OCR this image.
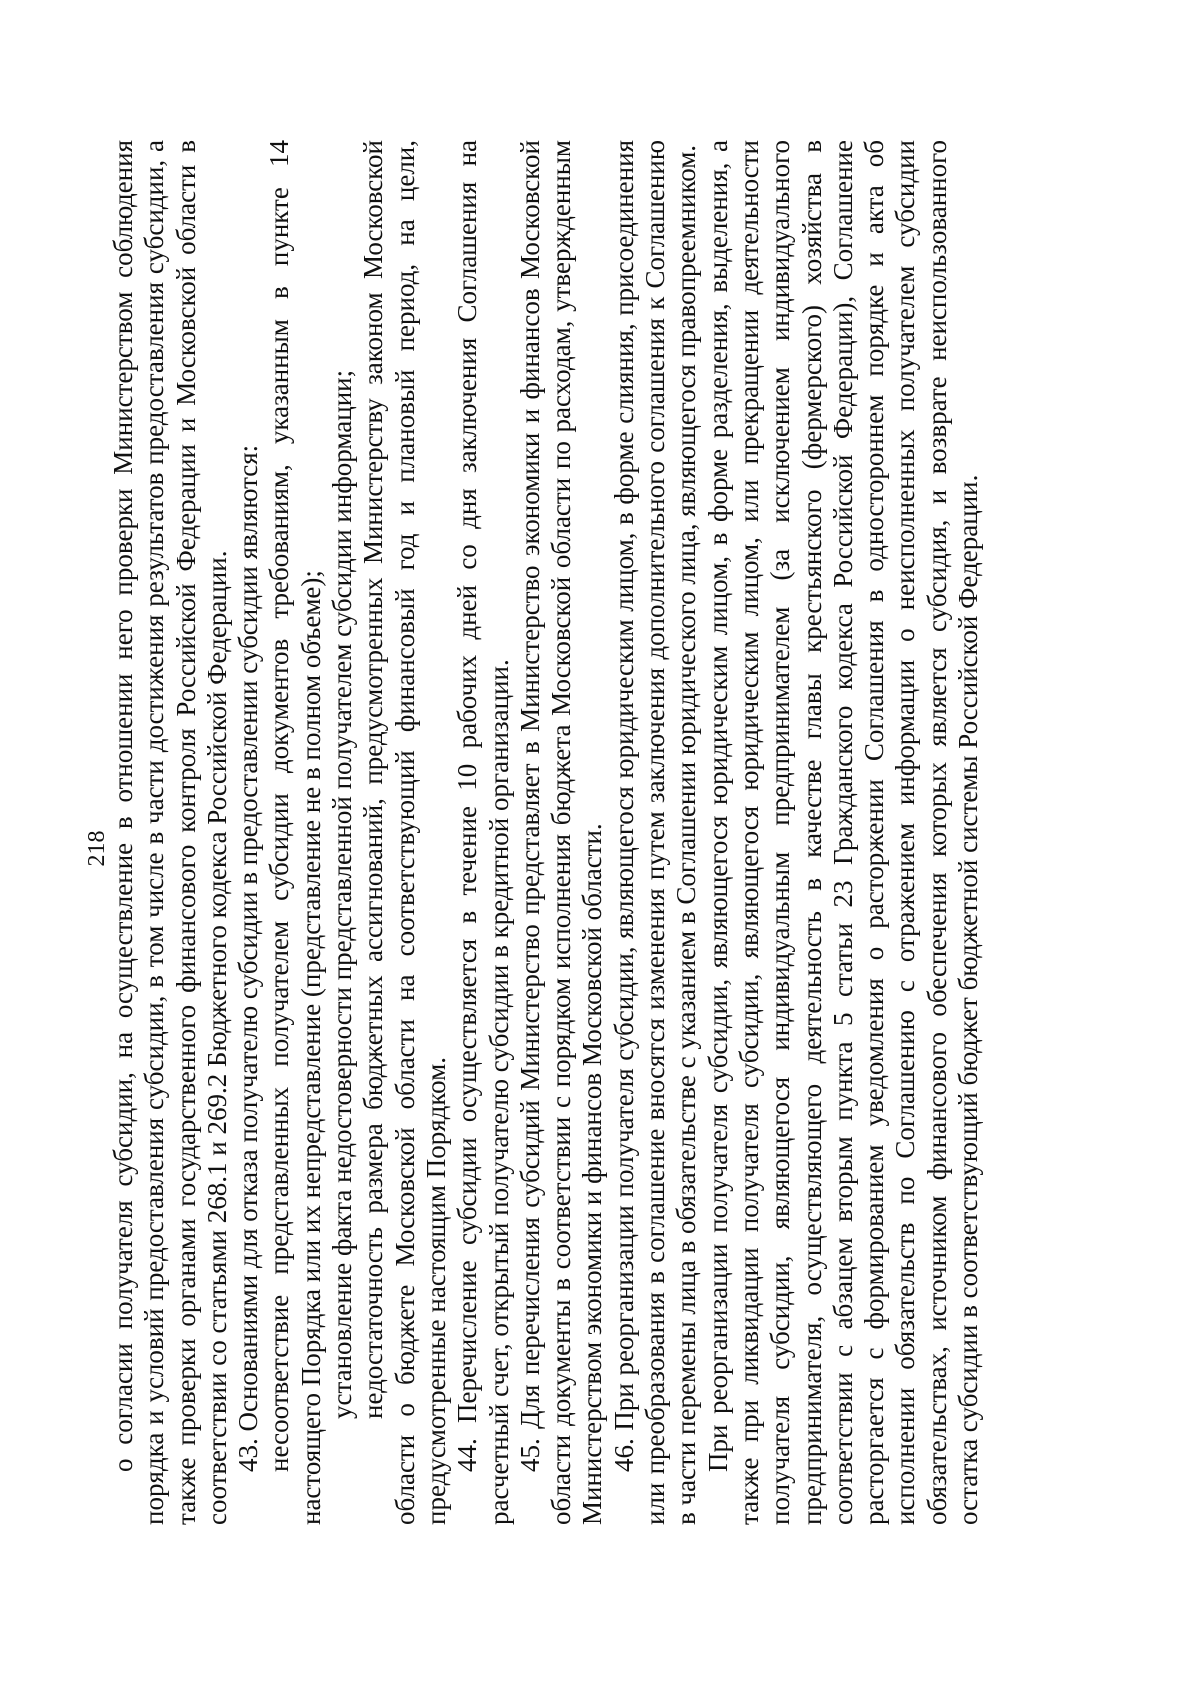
218

о согласии получателя субсидии, на осуществление в отношении него проверки Министерством соблюдения порядка и условий предоставления субсидии, в том числе в части достижения результатов предоставления субсидии, а также проверки органами государственного финансового контроля Российской Федерации и Московской области в соответствии со статьями 268.1 и 269.2 Бюджетного кодекса Российской Федерации. 43. Основаниями для отказа получателю субсидии в предоставлении субсидии являются: несоответствие представленных получателем субсидии документов требованиям, указанным в пункте 14 настоящего Порядка или их непредставление (представление не в полном объеме); установление факта недостоверности представленной получателем субсидии информации; недостаточность размера бюджетных ассигнований, предусмотренных Министерству законом Московской области о бюджете Московской области на соответствующий финансовый год и плановый период, на цели, предусмотренные настоящим Порядком. 44. Перечисление субсидии осуществляется в течение 10 рабочих дней со дня заключения Соглашения на расчетный счет, открытый получателю субсидии в кредитной организации. 45. Для перечисления субсидий Министерство представляет в Министерство экономики и финансов Московской области документы в соответствии с порядком исполнения бюджета Московской области по расходам, утвержденным Министерством экономики и финансов Московской области. 46. При реорганизации получателя субсидии, являющегося юридическим лицом, в форме слияния, присоединения или преобразования в соглашение вносятся изменения путем заключения дополнительного соглашения к Соглашению в части перемены лица в обязательстве с указанием в Соглашении юридического лица, являющегося правопреемником. При реорганизации получателя субсидии, являющегося юридическим лицом, в форме разделения, выделения, а также при ликвидации получателя субсидии, являющегося юридическим лицом, или прекращении деятельности получателя субсидии, являющегося индивидуальным предпринимателем (за исключением индивидуального предпринимателя, осуществляющего деятельность в качестве главы крестьянского (фермерского) хозяйства в соответствии с абзацем вторым пункта 5 статьи 23 Гражданского кодекса Российской Федерации), Соглашение расторгается с формированием уведомления о расторжении Соглашения в одностороннем порядке и акта об исполнении обязательств по Соглашению с отражением информации о неисполненных получателем субсидии обязательствах, источником финансового обеспечения которых является субсидия, и возврате неиспользованного остатка субсидии в соответствующий бюджет бюджетной системы Российской Федерации.
